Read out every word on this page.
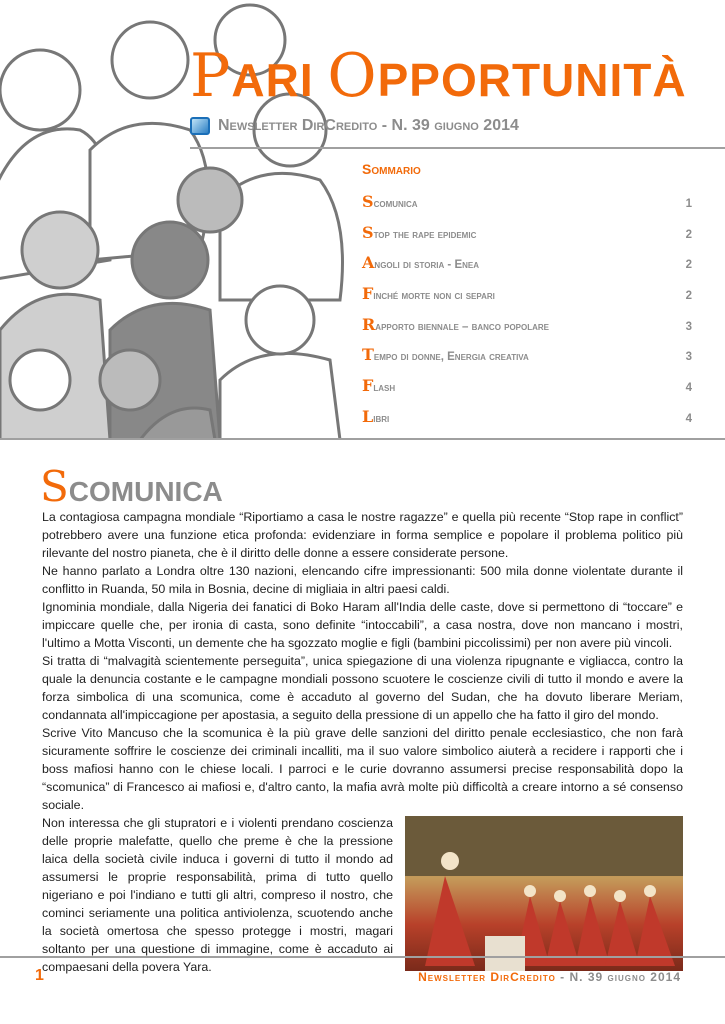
PARI OPPORTUNITÀ
Newsletter DirCredito - N. 39 giugno 2014
Sommario
Scomunica	1
Stop the rape epidemic	2
Angoli di storia - Enea	2
Finché morte non ci separi	2
Rapporto biennale – banco popolare	3
Tempo di donne, Energia creativa	3
Flash	4
Libri	4
SCOMUNICA

La contagiosa campagna mondiale “Riportiamo a casa le nostre ragazze” e quella più recente “Stop rape in conflict” potrebbero avere una funzione etica profonda: evidenziare in forma semplice e popolare il problema politico più rilevante del nostro pianeta, che è il diritto delle donne a essere considerate persone.

Ne hanno parlato a Londra oltre 130 nazioni, elencando cifre impressionanti: 500 mila donne violentate durante il conflitto in Ruanda, 50 mila in Bosnia, decine di migliaia in altri paesi caldi.

Ignominia mondiale, dalla Nigeria dei fanatici di Boko Haram all'India delle caste, dove si permettono di “toccare” e impiccare quelle che, per ironia di casta, sono definite “intoccabili”, a casa nostra, dove non mancano i mostri, l'ultimo a Motta Visconti, un demente che ha sgozzato moglie e figli (bambini piccolissimi) per non avere più vincoli.

Si tratta di “malvagità scientemente perseguita”, unica spiegazione di una violenza ripugnante e vigliacca, contro la quale la denuncia costante e le campagne mondiali possono scuotere le coscienze civili di tutto il mondo e avere la forza simbolica di una scomunica, come è accaduto al governo del Sudan, che ha dovuto liberare Meriam, condannata all'impiccagione per apostasia, a seguito della pressione di un appello che ha fatto il giro del mondo.

Scrive Vito Mancuso che la scomunica è la più grave delle sanzioni del diritto penale ecclesiastico, che non farà sicuramente soffrire le coscienze dei criminali incalliti, ma il suo valore simbolico aiuterà a recidere i rapporti che i boss mafiosi hanno con le chiese locali. I parroci e le curie dovranno assumersi precise responsabilità dopo la “scomunica” di Francesco ai mafiosi e, d'altro canto, la mafia avrà molte più difficoltà a creare intorno a sé consenso sociale.

Non interessa che gli stupratori e i violenti prendano coscienza delle proprie malefatte, quello che preme è che la pressione laica della società civile induca i governi di tutto il mondo ad assumersi le proprie responsabilità, prima di tutto quello nigeriano e poi l'indiano e tutti gli altri, compreso il nostro, che cominci seriamente una politica antiviolenza, scuotendo anche la società omertosa che spesso protegge i mostri, magari soltanto per una questione di immagine, come è accaduto ai compaesani della povera Yara.

1	Newsletter DirCredito - N. 39 giugno 2014
